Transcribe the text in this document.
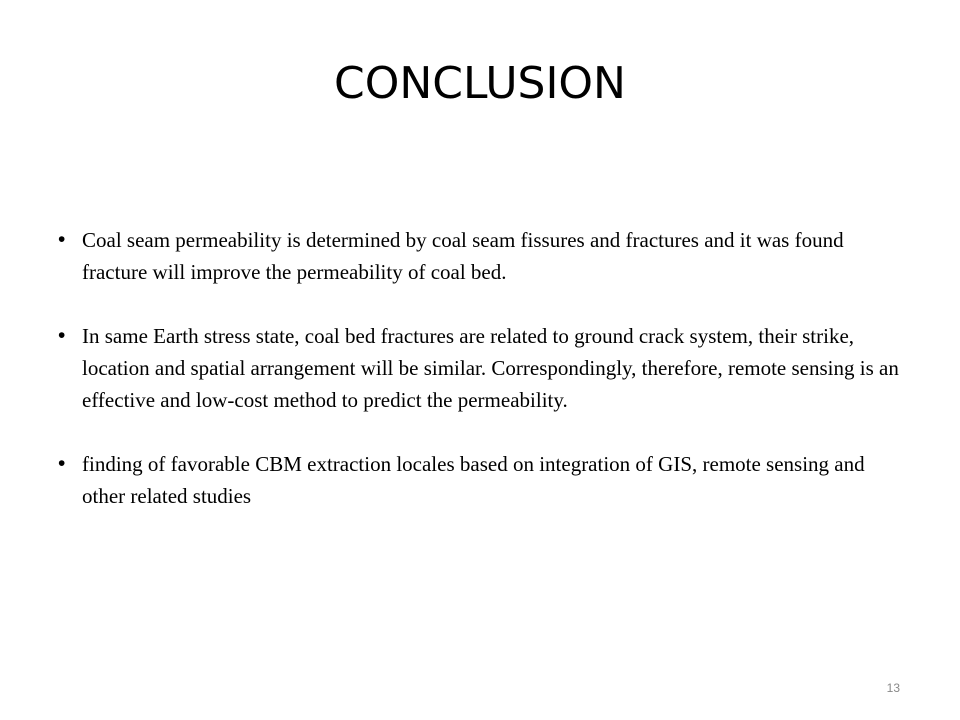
CONCLUSION
• Coal seam permeability is determined by coal seam fissures and fractures and it was found fracture will improve the permeability of coal bed.
• In same Earth stress state, coal bed fractures are related to ground crack system, their strike, location and spatial arrangement will be similar. Correspondingly, therefore, remote sensing is an effective and low-cost method to predict the permeability.
• finding of favorable CBM extraction locales based on integration of GIS, remote sensing and other related studies
13
